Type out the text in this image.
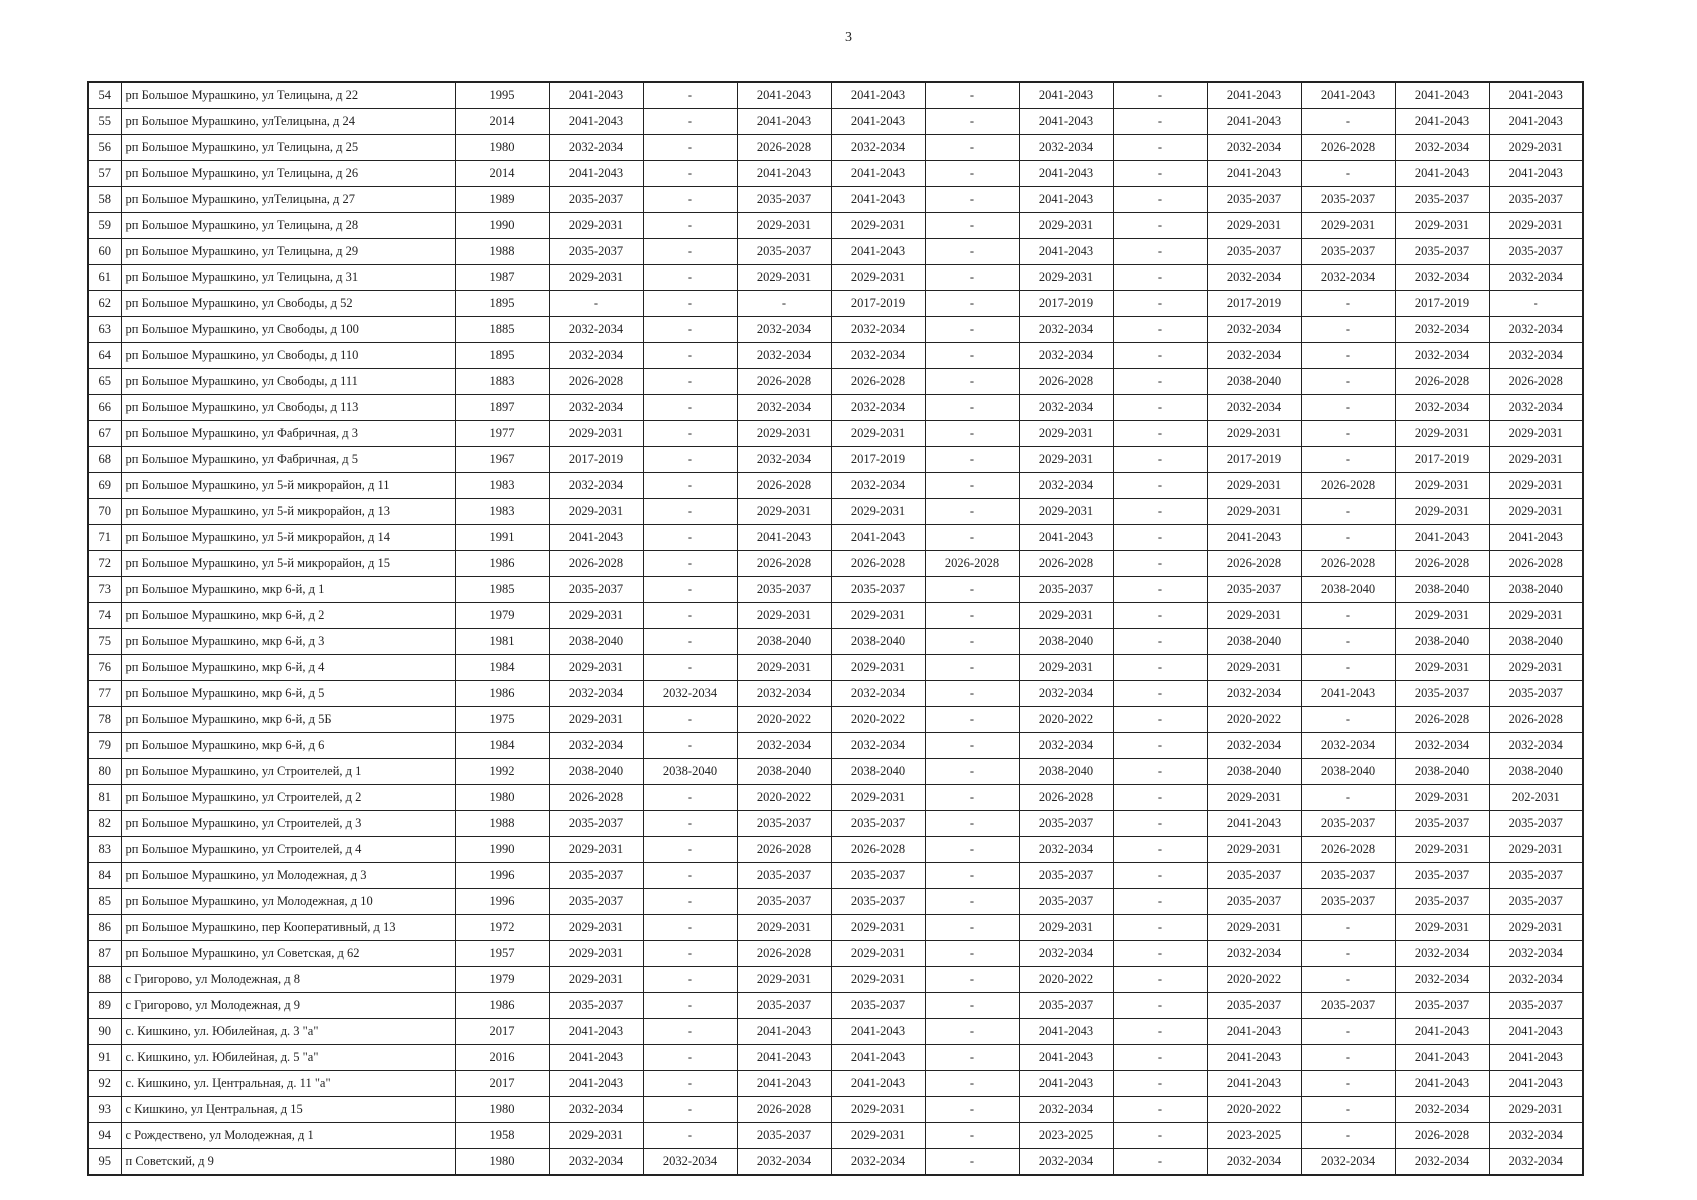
3
54	рп Большое Мурашкино, ул Телицына, д 22	1995	2041-2043	-	2041-2043	2041-2043	-	2041-2043	-	2041-2043	2041-2043	2041-2043	2041-2043
55	рп Большое Мурашкино, улТелицына, д 24	2014	2041-2043	-	2041-2043	2041-2043	-	2041-2043	-	2041-2043	-	2041-2043	2041-2043
56	рп Большое Мурашкино, ул Телицына, д 25	1980	2032-2034	-	2026-2028	2032-2034	-	2032-2034	-	2032-2034	2026-2028	2032-2034	2029-2031
57	рп Большое Мурашкино, ул Телицына, д 26	2014	2041-2043	-	2041-2043	2041-2043	-	2041-2043	-	2041-2043	-	2041-2043	2041-2043
58	рп Большое Мурашкино, улТелицына, д 27	1989	2035-2037	-	2035-2037	2041-2043	-	2041-2043	-	2035-2037	2035-2037	2035-2037	2035-2037
59	рп Большое Мурашкино, ул Телицына, д 28	1990	2029-2031	-	2029-2031	2029-2031	-	2029-2031	-	2029-2031	2029-2031	2029-2031	2029-2031
60	рп Большое Мурашкино, ул Телицына, д 29	1988	2035-2037	-	2035-2037	2041-2043	-	2041-2043	-	2035-2037	2035-2037	2035-2037	2035-2037
61	рп Большое Мурашкино, ул Телицына, д 31	1987	2029-2031	-	2029-2031	2029-2031	-	2029-2031	-	2032-2034	2032-2034	2032-2034	2032-2034
62	рп Большое Мурашкино, ул Свободы, д 52	1895	-	-	-	2017-2019	-	2017-2019	-	2017-2019	-	2017-2019	-
63	рп Большое Мурашкино, ул Свободы, д 100	1885	2032-2034	-	2032-2034	2032-2034	-	2032-2034	-	2032-2034	-	2032-2034	2032-2034
64	рп Большое Мурашкино, ул Свободы, д 110	1895	2032-2034	-	2032-2034	2032-2034	-	2032-2034	-	2032-2034	-	2032-2034	2032-2034
65	рп Большое Мурашкино, ул Свободы, д 111	1883	2026-2028	-	2026-2028	2026-2028	-	2026-2028	-	2038-2040	-	2026-2028	2026-2028
66	рп Большое Мурашкино, ул Свободы, д 113	1897	2032-2034	-	2032-2034	2032-2034	-	2032-2034	-	2032-2034	-	2032-2034	2032-2034
67	рп Большое Мурашкино, ул Фабричная, д 3	1977	2029-2031	-	2029-2031	2029-2031	-	2029-2031	-	2029-2031	-	2029-2031	2029-2031
68	рп Большое Мурашкино, ул Фабричная, д 5	1967	2017-2019	-	2032-2034	2017-2019	-	2029-2031	-	2017-2019	-	2017-2019	2029-2031
69	рп Большое Мурашкино, ул 5-й микрорайон, д 11	1983	2032-2034	-	2026-2028	2032-2034	-	2032-2034	-	2029-2031	2026-2028	2029-2031	2029-2031
70	рп Большое Мурашкино, ул 5-й микрорайон, д 13	1983	2029-2031	-	2029-2031	2029-2031	-	2029-2031	-	2029-2031	-	2029-2031	2029-2031
71	рп Большое Мурашкино, ул 5-й микрорайон, д 14	1991	2041-2043	-	2041-2043	2041-2043	-	2041-2043	-	2041-2043	-	2041-2043	2041-2043
72	рп Большое Мурашкино, ул 5-й микрорайон, д 15	1986	2026-2028	-	2026-2028	2026-2028	2026-2028	2026-2028	-	2026-2028	2026-2028	2026-2028	2026-2028
73	рп Большое Мурашкино, мкр 6-й, д 1	1985	2035-2037	-	2035-2037	2035-2037	-	2035-2037	-	2035-2037	2038-2040	2038-2040	2038-2040
74	рп Большое Мурашкино, мкр 6-й, д 2	1979	2029-2031	-	2029-2031	2029-2031	-	2029-2031	-	2029-2031	-	2029-2031	2029-2031
75	рп Большое Мурашкино, мкр 6-й, д 3	1981	2038-2040	-	2038-2040	2038-2040	-	2038-2040	-	2038-2040	-	2038-2040	2038-2040
76	рп Большое Мурашкино, мкр 6-й, д 4	1984	2029-2031	-	2029-2031	2029-2031	-	2029-2031	-	2029-2031	-	2029-2031	2029-2031
77	рп Большое Мурашкино, мкр 6-й, д 5	1986	2032-2034	2032-2034	2032-2034	2032-2034	-	2032-2034	-	2032-2034	2041-2043	2035-2037	2035-2037
78	рп Большое Мурашкино, мкр 6-й, д 5Б	1975	2029-2031	-	2020-2022	2020-2022	-	2020-2022	-	2020-2022	-	2026-2028	2026-2028
79	рп Большое Мурашкино, мкр 6-й, д 6	1984	2032-2034	-	2032-2034	2032-2034	-	2032-2034	-	2032-2034	2032-2034	2032-2034	2032-2034
80	рп Большое Мурашкино, ул Строителей, д 1	1992	2038-2040	2038-2040	2038-2040	2038-2040	-	2038-2040	-	2038-2040	2038-2040	2038-2040	2038-2040
81	рп Большое Мурашкино, ул Строителей, д 2	1980	2026-2028	-	2020-2022	2029-2031	-	2026-2028	-	2029-2031	-	2029-2031	202-2031
82	рп Большое Мурашкино, ул Строителей, д 3	1988	2035-2037	-	2035-2037	2035-2037	-	2035-2037	-	2041-2043	2035-2037	2035-2037	2035-2037
83	рп Большое Мурашкино, ул Строителей, д 4	1990	2029-2031	-	2026-2028	2026-2028	-	2032-2034	-	2029-2031	2026-2028	2029-2031	2029-2031
84	рп Большое Мурашкино, ул Молодежная, д 3	1996	2035-2037	-	2035-2037	2035-2037	-	2035-2037	-	2035-2037	2035-2037	2035-2037	2035-2037
85	рп Большое Мурашкино, ул Молодежная, д 10	1996	2035-2037	-	2035-2037	2035-2037	-	2035-2037	-	2035-2037	2035-2037	2035-2037	2035-2037
86	рп Большое Мурашкино, пер Кооперативный, д 13	1972	2029-2031	-	2029-2031	2029-2031	-	2029-2031	-	2029-2031	-	2029-2031	2029-2031
87	рп Большое Мурашкино, ул Советская, д 62	1957	2029-2031	-	2026-2028	2029-2031	-	2032-2034	-	2032-2034	-	2032-2034	2032-2034
88	с Григорово, ул Молодежная, д 8	1979	2029-2031	-	2029-2031	2029-2031	-	2020-2022	-	2020-2022	-	2032-2034	2032-2034
89	с Григорово, ул Молодежная, д 9	1986	2035-2037	-	2035-2037	2035-2037	-	2035-2037	-	2035-2037	2035-2037	2035-2037	2035-2037
90	с. Кишкино, ул. Юбилейная, д. 3 "а"	2017	2041-2043	-	2041-2043	2041-2043	-	2041-2043	-	2041-2043	-	2041-2043	2041-2043
91	с. Кишкино, ул. Юбилейная, д. 5 "а"	2016	2041-2043	-	2041-2043	2041-2043	-	2041-2043	-	2041-2043	-	2041-2043	2041-2043
92	с. Кишкино, ул. Центральная, д. 11 "а"	2017	2041-2043	-	2041-2043	2041-2043	-	2041-2043	-	2041-2043	-	2041-2043	2041-2043
93	с Кишкино, ул Центральная, д 15	1980	2032-2034	-	2026-2028	2029-2031	-	2032-2034	-	2020-2022	-	2032-2034	2029-2031
94	с Рождествено, ул Молодежная, д 1	1958	2029-2031	-	2035-2037	2029-2031	-	2023-2025	-	2023-2025	-	2026-2028	2032-2034
95	п Советский, д 9	1980	2032-2034	2032-2034	2032-2034	2032-2034	-	2032-2034	-	2032-2034	2032-2034	2032-2034	2032-2034
